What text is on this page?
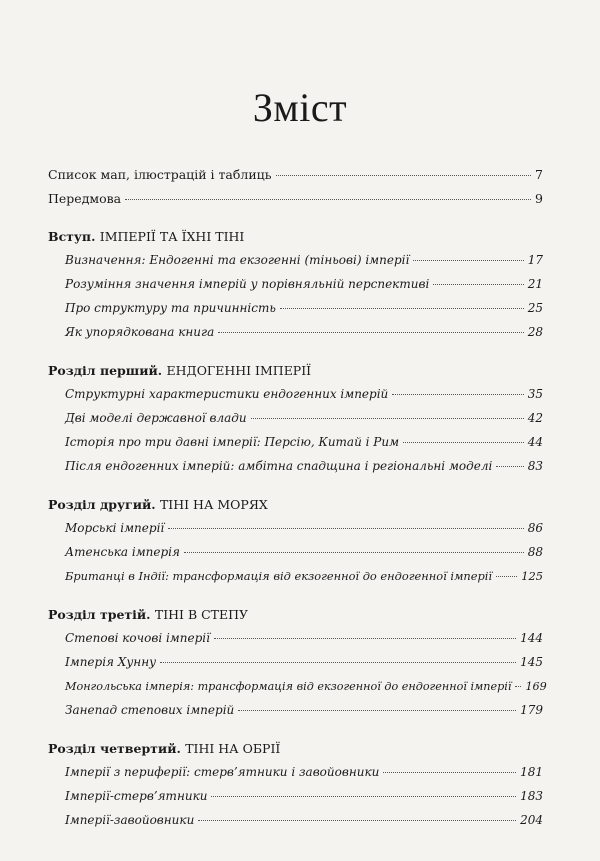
Зміст
Список мап, ілюстрацій і таблиць	7
Передмова	9
Вступ. ІМПЕРІЇ ТА ЇХНІ ТІНІ
Визначення: Ендогенні та екзогенні (тіньові) імперії	17
Розуміння значення імперій у порівняльній перспективі	21
Про структуру та причинність	25
Як упорядкована книга	28
Розділ перший. ЕНДОГЕННІ ІМПЕРІЇ
Структурні характеристики ендогенних імперій	35
Дві моделі державної влади	42
Історія про три давні імперії: Персію, Китай і Рим	44
Після ендогенних імперій: амбітна спадщина і регіональні моделі	83
Розділ другий. ТІНІ НА МОРЯХ
Морські імперії	86
Атенська імперія	88
Британці в Індії: трансформація від екзогенної до ендогенної імперії	125
Розділ третій. ТІНІ В СТЕПУ
Степові кочові імперії	144
Імперія Хунну	145
Монгольська імперія: трансформація від екзогенної до ендогенної імперії 169
Занепад степових імперій	179
Розділ четвертий. ТІНІ НА ОБРІЇ
Імперії з периферії: стерв’ятники і завойовники	181
Імперії-стерв’ятники	183
Імперії-завойовники	204
